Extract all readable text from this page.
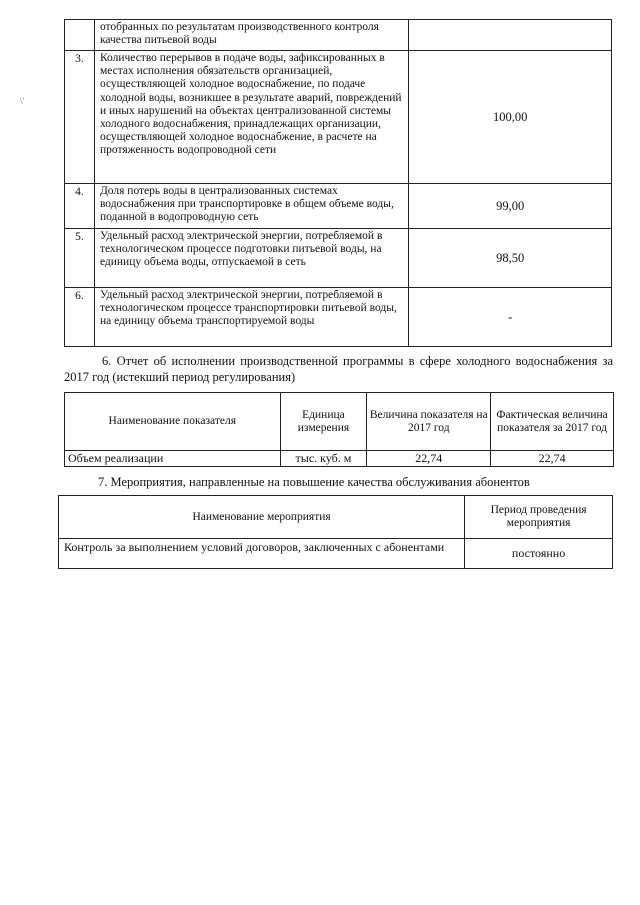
\'
	отобранных по результатам производственного контроля качества питьевой воды	
3.	Количество перерывов в подаче воды, зафиксированных в местах исполнения обязательств организацией, осуществляющей холодное водоснабжение, по подаче холодной воды, возникшее в результате аварий, повреждений и иных нарушений на объектах централизованной системы холодного водоснабжения, принадлежащих организации, осуществляющей холодное водоснабжение, в расчете на протяженность водопроводной сети	100,00
4.	Доля потерь воды в централизованных системах водоснабжения при транспортировке в общем объеме воды, поданной в водопроводную сеть	99,00
5.	Удельный расход электрической энергии, потребляемой в технологическом процессе подготовки питьевой воды, на единицу объема воды, отпускаемой в сеть	98,50
6.	Удельный расход электрической энергии, потребляемой в технологическом процессе транспортировки питьевой воды, на единицу объема транспортируемой воды	-

6. Отчет об исполнении производственной программы в сфере холодного водоснабжения за 2017 год (истекший период регулирования)

Наименование показателя	Единица измерения	Величина показателя на 2017 год	Фактическая величина показателя за 2017 год
Объем реализации	тыс. куб. м	22,74	22,74

7. Мероприятия, направленные на повышение качества обслуживания абонентов

Наименование мероприятия	Период проведения мероприятия
Контроль за выполнением условий договоров, заключенных с абонентами	постоянно
